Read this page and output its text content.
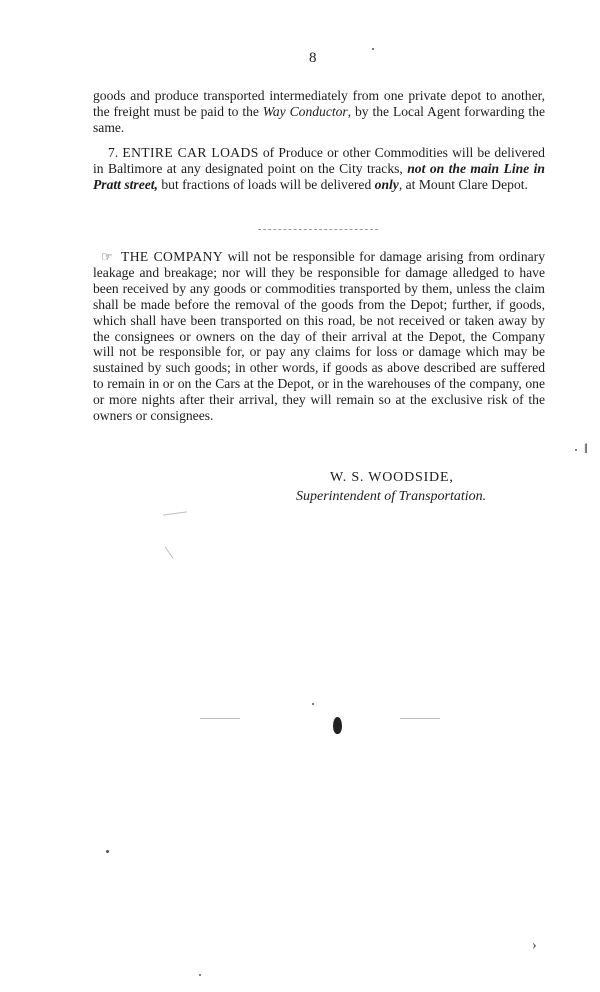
8

goods and produce transported intermediately from one private depot to another, the freight must be paid to the Way Conductor, by the Local Agent forwarding the same.

7. ENTIRE CAR LOADS of Produce or other Commodities will be delivered in Baltimore at any designated point on the City tracks, not on the main Line in Pratt street, but fractions of loads will be delivered only, at Mount Clare Depot.

☞ THE COMPANY will not be responsible for damage arising from ordinary leakage and breakage; nor will they be responsible for damage alledged to have been received by any goods or commodities transported by them, unless the claim shall be made before the removal of the goods from the Depot; further, if goods, which shall have been transported on this road, be not received or taken away by the consignees or owners on the day of their arrival at the Depot, the Company will not be responsible for, or pay any claims for loss or damage which may be sustained by such goods; in other words, if goods as above described are suffered to remain in or on the Cars at the Depot, or in the warehouses of the company, one or more nights after their arrival, they will remain so at the exclusive risk of the owners or consignees.

W. S. WOODSIDE,
Superintendent of Transportation.
‖
›
